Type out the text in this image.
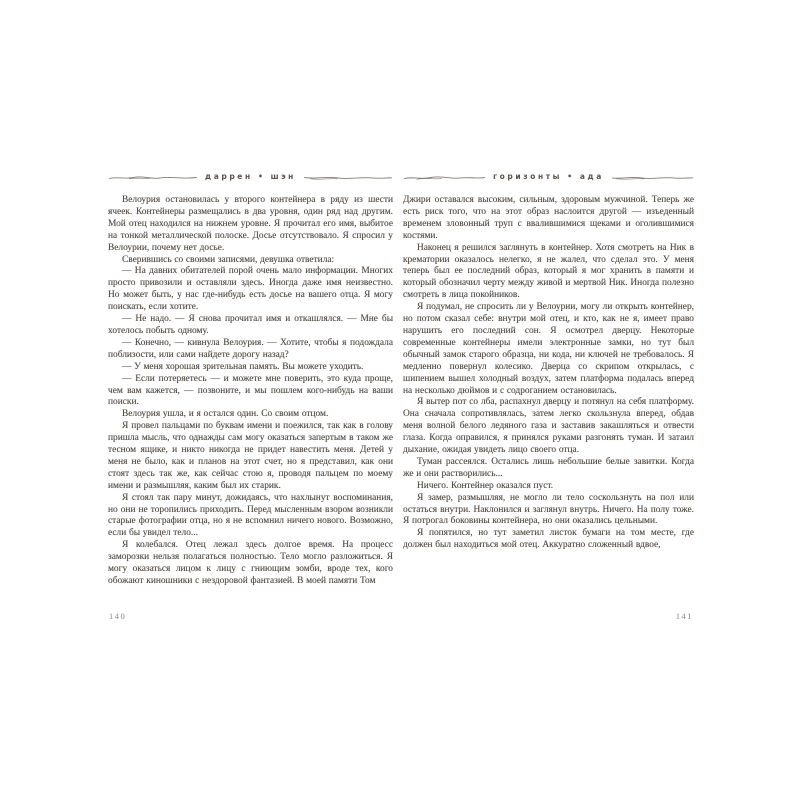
даррен • шэн

Велоурия остановилась у второго контейнера в ряду из шести ячеек. Контейнеры размещались в два уровня, один ряд над другим. Мой отец находился на нижнем уровне. Я прочитал его имя, выбитое на тонкой металлической полоске. Досье отсутствовало. Я спросил у Велоурии, почему нет досье.

Сверившись со своими записями, девушка ответила:

— На давних обитателей порой очень мало информации. Многих просто привозили и оставляли здесь. Иногда даже имя неизвестно. Но может быть, у нас где-нибудь есть досье на вашего отца. Я могу поискать, если хотите.

— Не надо. — Я снова прочитал имя и откашлялся. — Мне бы хотелось побыть одному.

— Конечно, — кивнула Велоурия. — Хотите, чтобы я подождала поблизости, или сами найдете дорогу назад?

— У меня хорошая зрительная память. Вы можете уходить.

— Если потеряетесь — и можете мне поверить, это куда проще, чем вам кажется, — позвоните, и мы пошлем кого-нибудь на ваши поиски.

Велоурия ушла, и я остался один. Со своим отцом.

Я провел пальцами по буквам имени и поежился, так как в голову пришла мысль, что однажды сам могу оказаться запертым в таком же тесном ящике, и никто никогда не придет навестить меня. Детей у меня не было, как и планов на этот счет, но я представил, как они стоят здесь так же, как сейчас стою я, проводя пальцем по моему имени и размышляя, каким был их старик.

Я стоял так пару минут, дожидаясь, что нахлынут воспоминания, но они не торопились приходить. Перед мысленным взором возникли старые фотографии отца, но я не вспомнил ничего нового. Возможно, если бы увидел тело...

Я колебался. Отец лежал здесь долгое время. На процесс заморозки нельзя полагаться полностью. Тело могло разложиться. Я могу оказаться лицом к лицу с гниющим зомби, вроде тех, кого обожают киношники с нездоровой фантазией. В моей памяти Том

140
горизонты • ада

Джири оставался высоким, сильным, здоровым мужчиной. Теперь же есть риск того, что на этот образ наслоится другой — изъеденный временем зловонный труп с ввалившимися щеками и оголившимися костями.

Наконец я решился заглянуть в контейнер. Хотя смотреть на Ник в крематории оказалось нелегко, я не жалел, что сделал это. У меня теперь был ее последний образ, который я мог хранить в памяти и который обозначил черту между живой и мертвой Ник. Иногда полезно смотреть в лица покойников.

Я подумал, не спросить ли у Велоурии, могу ли открыть контейнер, но потом сказал себе: внутри мой отец, и кто, как не я, имеет право нарушить его последний сон. Я осмотрел дверцу. Некоторые современные контейнеры имели электронные замки, но тут был обычный замок старого образца, ни кода, ни ключей не требовалось. Я медленно повернул колесико. Дверца со скрипом открылась, с шипением вышел холодный воздух, затем платформа подалась вперед на несколько дюймов и с содроганием остановилась.

Я вытер пот со лба, распахнул дверцу и потянул на себя платформу. Она сначала сопротивлялась, затем легко скользнула вперед, обдав меня волной белого ледяного газа и заставив закашляться и отвести глаза. Когда оправился, я принялся руками разгонять туман. И затаил дыхание, ожидая увидеть лицо своего отца.

Туман рассеялся. Остались лишь небольшие белые завитки. Когда же и они растворились...

Ничего. Контейнер оказался пуст.

Я замер, размышляя, не могло ли тело соскользнуть на пол или остаться внутри. Наклонился и заглянул внутрь. Ничего. На полу тоже. Я потрогал боковины контейнера, но они оказались цельными.

Я попятился, но тут заметил листок бумаги на том месте, где должен был находиться мой отец. Аккуратно сложенный вдвое,

141
